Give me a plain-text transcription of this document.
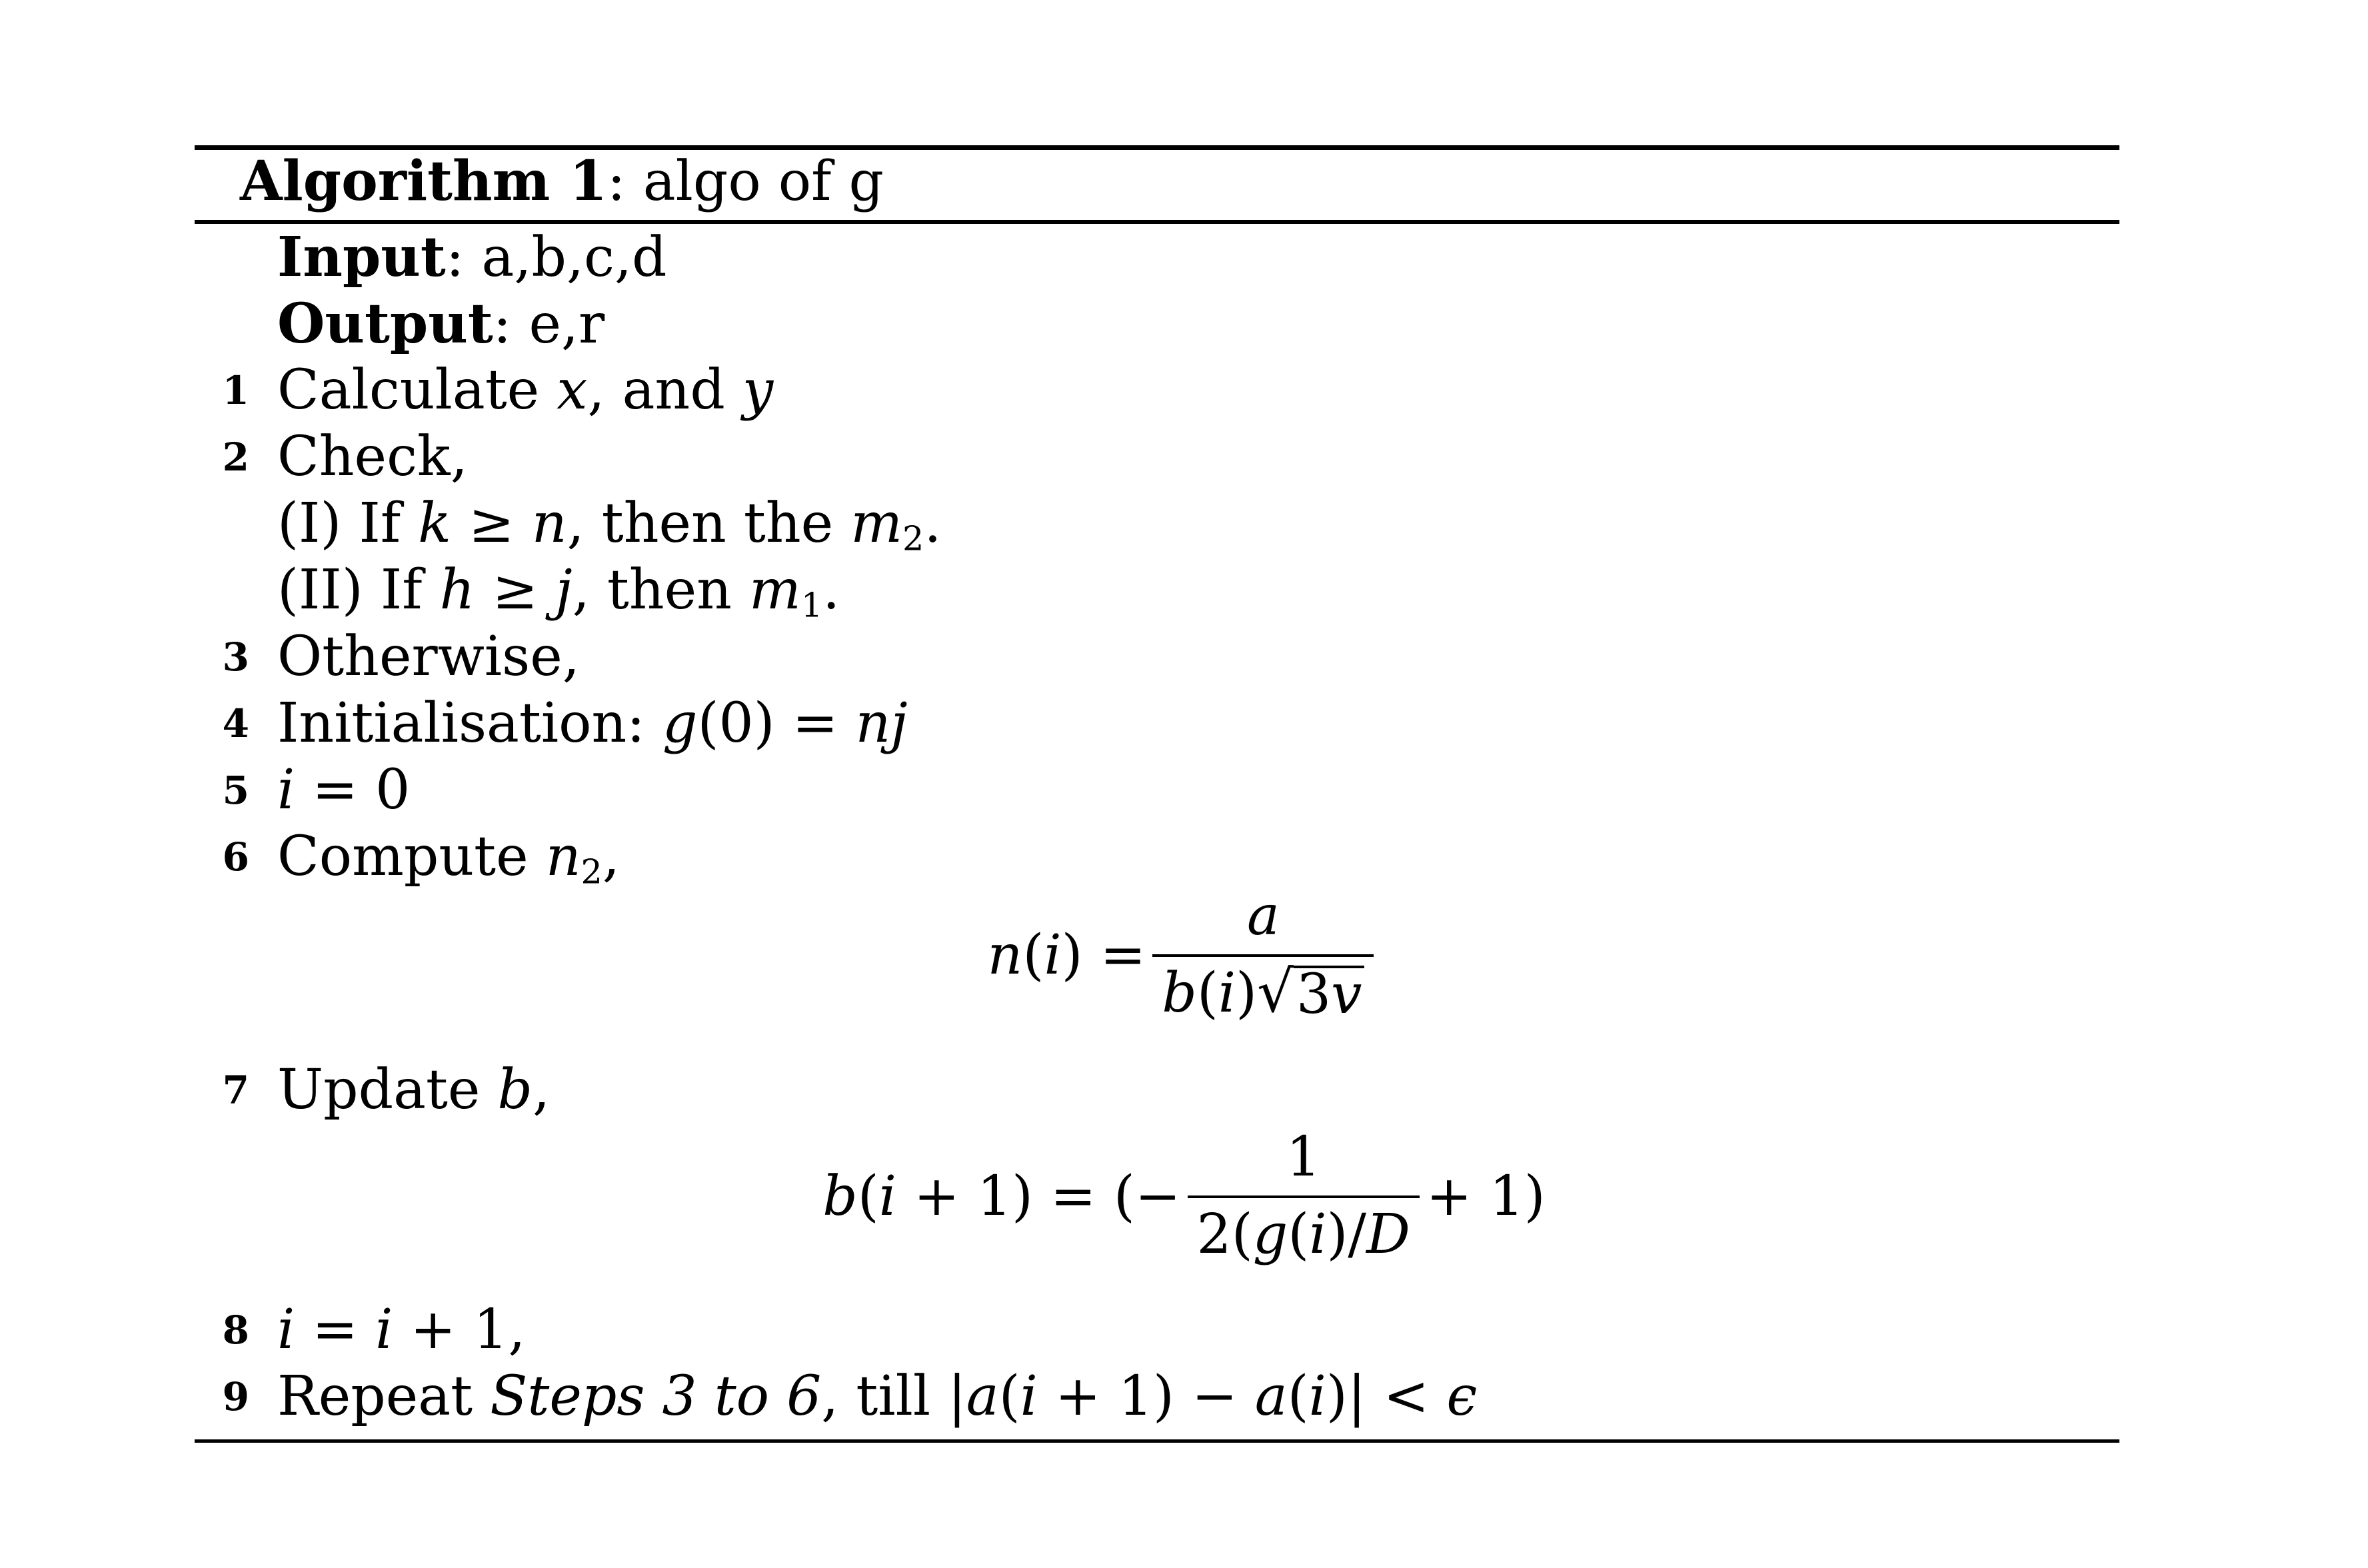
Algorithm 1: algo of g
Input: a,b,c,d
Output: e,r
1 Calculate x, and y
2 Check,
(I) If k ≥ n, then the $m_2$.
(II) If h ≥ j, then $m_1$.
3 Otherwise,
4 Initialisation: g(0) = nj
5 i = 0
6 Compute $n_2$,
$n(i) = \frac{a}{b(i) √ 3v}$
7 Update b,
b(i + 1) = (− $\frac{1}{2(g(i)/D} + 1$)
8 i = i + 1,
9 Repeat Steps 3 to 6, till |a(i + 1) − a(i)| < ϵ
